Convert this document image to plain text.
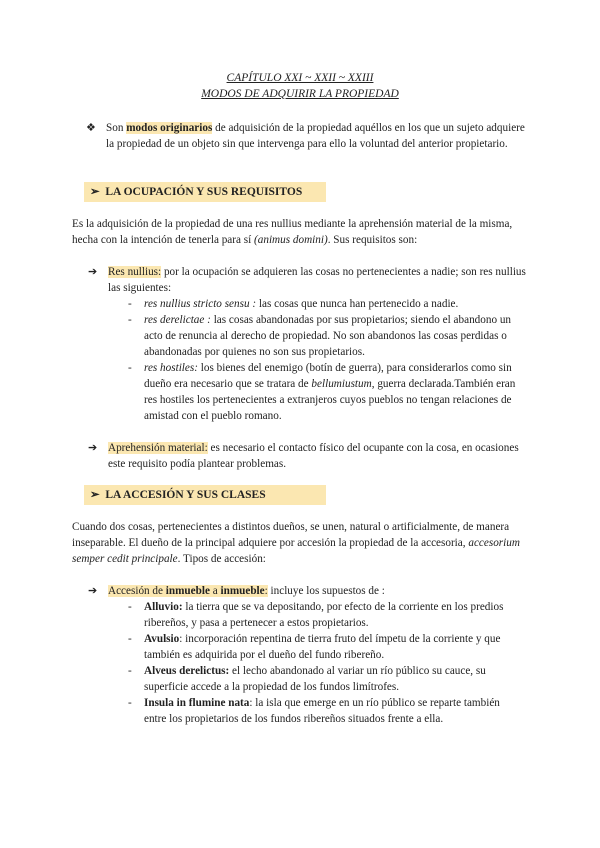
CAPÍTULO XXI ~ XXII ~ XXIII
MODOS DE ADQUIRIR LA PROPIEDAD
❖ Son modos originarios de adquisición de la propiedad aquéllos en los que un sujeto adquiere la propiedad de un objeto sin que intervenga para ello la voluntad del anterior propietario.
➢ LA OCUPACIÓN Y SUS REQUISITOS
Es la adquisición de la propiedad de una res nullius mediante la aprehensión material de la misma, hecha con la intención de tenerla para sí (animus domini). Sus requisitos son:
➔ Res nullius: por la ocupación se adquieren las cosas no pertenecientes a nadie; son res nullius las siguientes:
-	res nullius stricto sensu : las cosas que nunca han pertenecido a nadie.
-	res derelictae : las cosas abandonadas por sus propietarios; siendo el abandono un acto de renuncia al derecho de propiedad. No son abandonos las cosas perdidas o abandonadas por quienes no son sus propietarios.
-	res hostiles: los bienes del enemigo (botín de guerra), para considerarlos como sin dueño era necesario que se tratara de bellumiustum, guerra declarada.También eran res hostiles los pertenecientes a extranjeros cuyos pueblos no tengan relaciones de amistad con el pueblo romano.
➔ Aprehensión material: es necesario el contacto físico del ocupante con la cosa, en ocasiones este requisito podía plantear problemas.
➢ LA ACCESIÓN Y SUS CLASES
Cuando dos cosas, pertenecientes a distintos dueños, se unen, natural o artificialmente, de manera inseparable. El dueño de la principal adquiere por accesión la propiedad de la accesoria, accesorium semper cedit principale. Tipos de accesión:
➔ Accesión de inmueble a inmueble: incluye los supuestos de :
-	Alluvio: la tierra que se va depositando, por efecto de la corriente en los predios ribereños, y pasa a pertenecer a estos propietarios.
-	Avulsio: incorporación repentina de tierra fruto del ímpetu de la corriente y que también es adquirida por el dueño del fundo ribereño.
-	Alveus derelictus: el lecho abandonado al variar un río público su cauce, su superficie accede a la propiedad de los fundos limítrofes.
-	Insula in flumine nata: la isla que emerge en un río público se reparte también entre los propietarios de los fundos ribereños situados frente a ella.
